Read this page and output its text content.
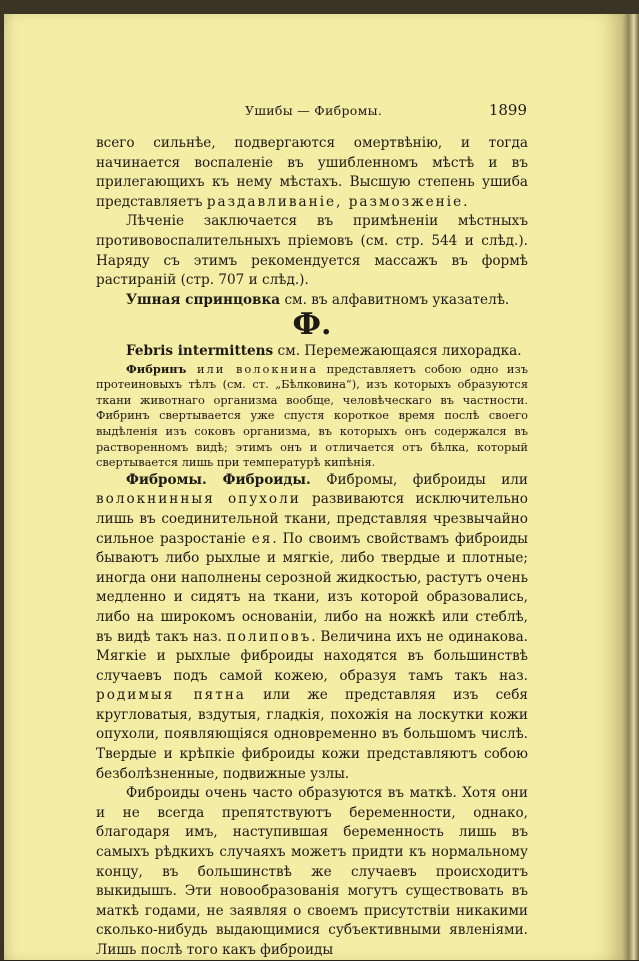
Ушибы — Фибромы.	1899

всего сильнѣе, подвергаются омертвѣнію, и тогда начинается воспаленіе въ ушибленномъ мѣстѣ и въ прилегающихъ къ нему мѣстахъ. Высшую степень ушиба представляетъ раздавливаніе, размозженіе.

Лѣченіе заключается въ примѣненіи мѣстныхъ противовоспалительныхъ пріемовъ (см. стр. 544 и слѣд.). Наряду съ этимъ рекомендуется массажъ въ формѣ растираній (стр. 707 и слѣд.).

Ушная спринцовка см. въ алфавитномъ указателѣ.

Ф.

Febris intermittens см. Перемежающаяся лихорадка.

Фибринъ или волокнина представляетъ собою одно изъ протеиновыхъ тѣлъ (см. ст. „Бѣлковина“), изъ которыхъ образуются ткани животнаго организма вообще, человѣческаго въ частности. Фибринъ свертывается уже спустя короткое время послѣ своего выдѣленія изъ соковъ организма, въ которыхъ онъ содержался въ растворенномъ видѣ; этимъ онъ и отличается отъ бѣлка, который свертывается лишь при температурѣ кипѣнія.

Фибромы. Фиброиды. Фибромы, фиброиды или волокнинныя опухоли развиваются исключительно лишь въ соединительной ткани, представляя чрезвычайно сильное разростаніе ея. По своимъ свойствамъ фиброиды бываютъ либо рыхлые и мягкіе, либо твердые и плотные; иногда они наполнены серозной жидкостью, растутъ очень медленно и сидятъ на ткани, изъ которой образовались, либо на широкомъ основаніи, либо на ножкѣ или стеблѣ, въ видѣ такъ наз. полиповъ. Величина ихъ не одинакова. Мягкіе и рыхлые фиброиды находятся въ большинствѣ случаевъ подъ самой кожею, образуя тамъ такъ наз. родимыя пятна или же представляя изъ себя кругловатыя, вздутыя, гладкія, похожія на лоскутки кожи опухоли, появляющіяся одновременно въ большомъ числѣ. Твердые и крѣпкіе фиброиды кожи представляютъ собою безболѣзненные, подвижные узлы.

Фиброиды очень часто образуются въ маткѣ. Хотя они и не всегда препятствуютъ беременности, однако, благодаря имъ, наступившая беременность лишь въ самыхъ рѣдкихъ случаяхъ можетъ придти къ нормальному концу, въ большинствѣ же случаевъ происходитъ выкидышъ. Эти новообразованія могутъ существовать въ маткѣ годами, не заявляя о своемъ присутствіи никакими сколько-нибудь выдающимися субъективными явленіями. Лишь послѣ того какъ фиброиды
